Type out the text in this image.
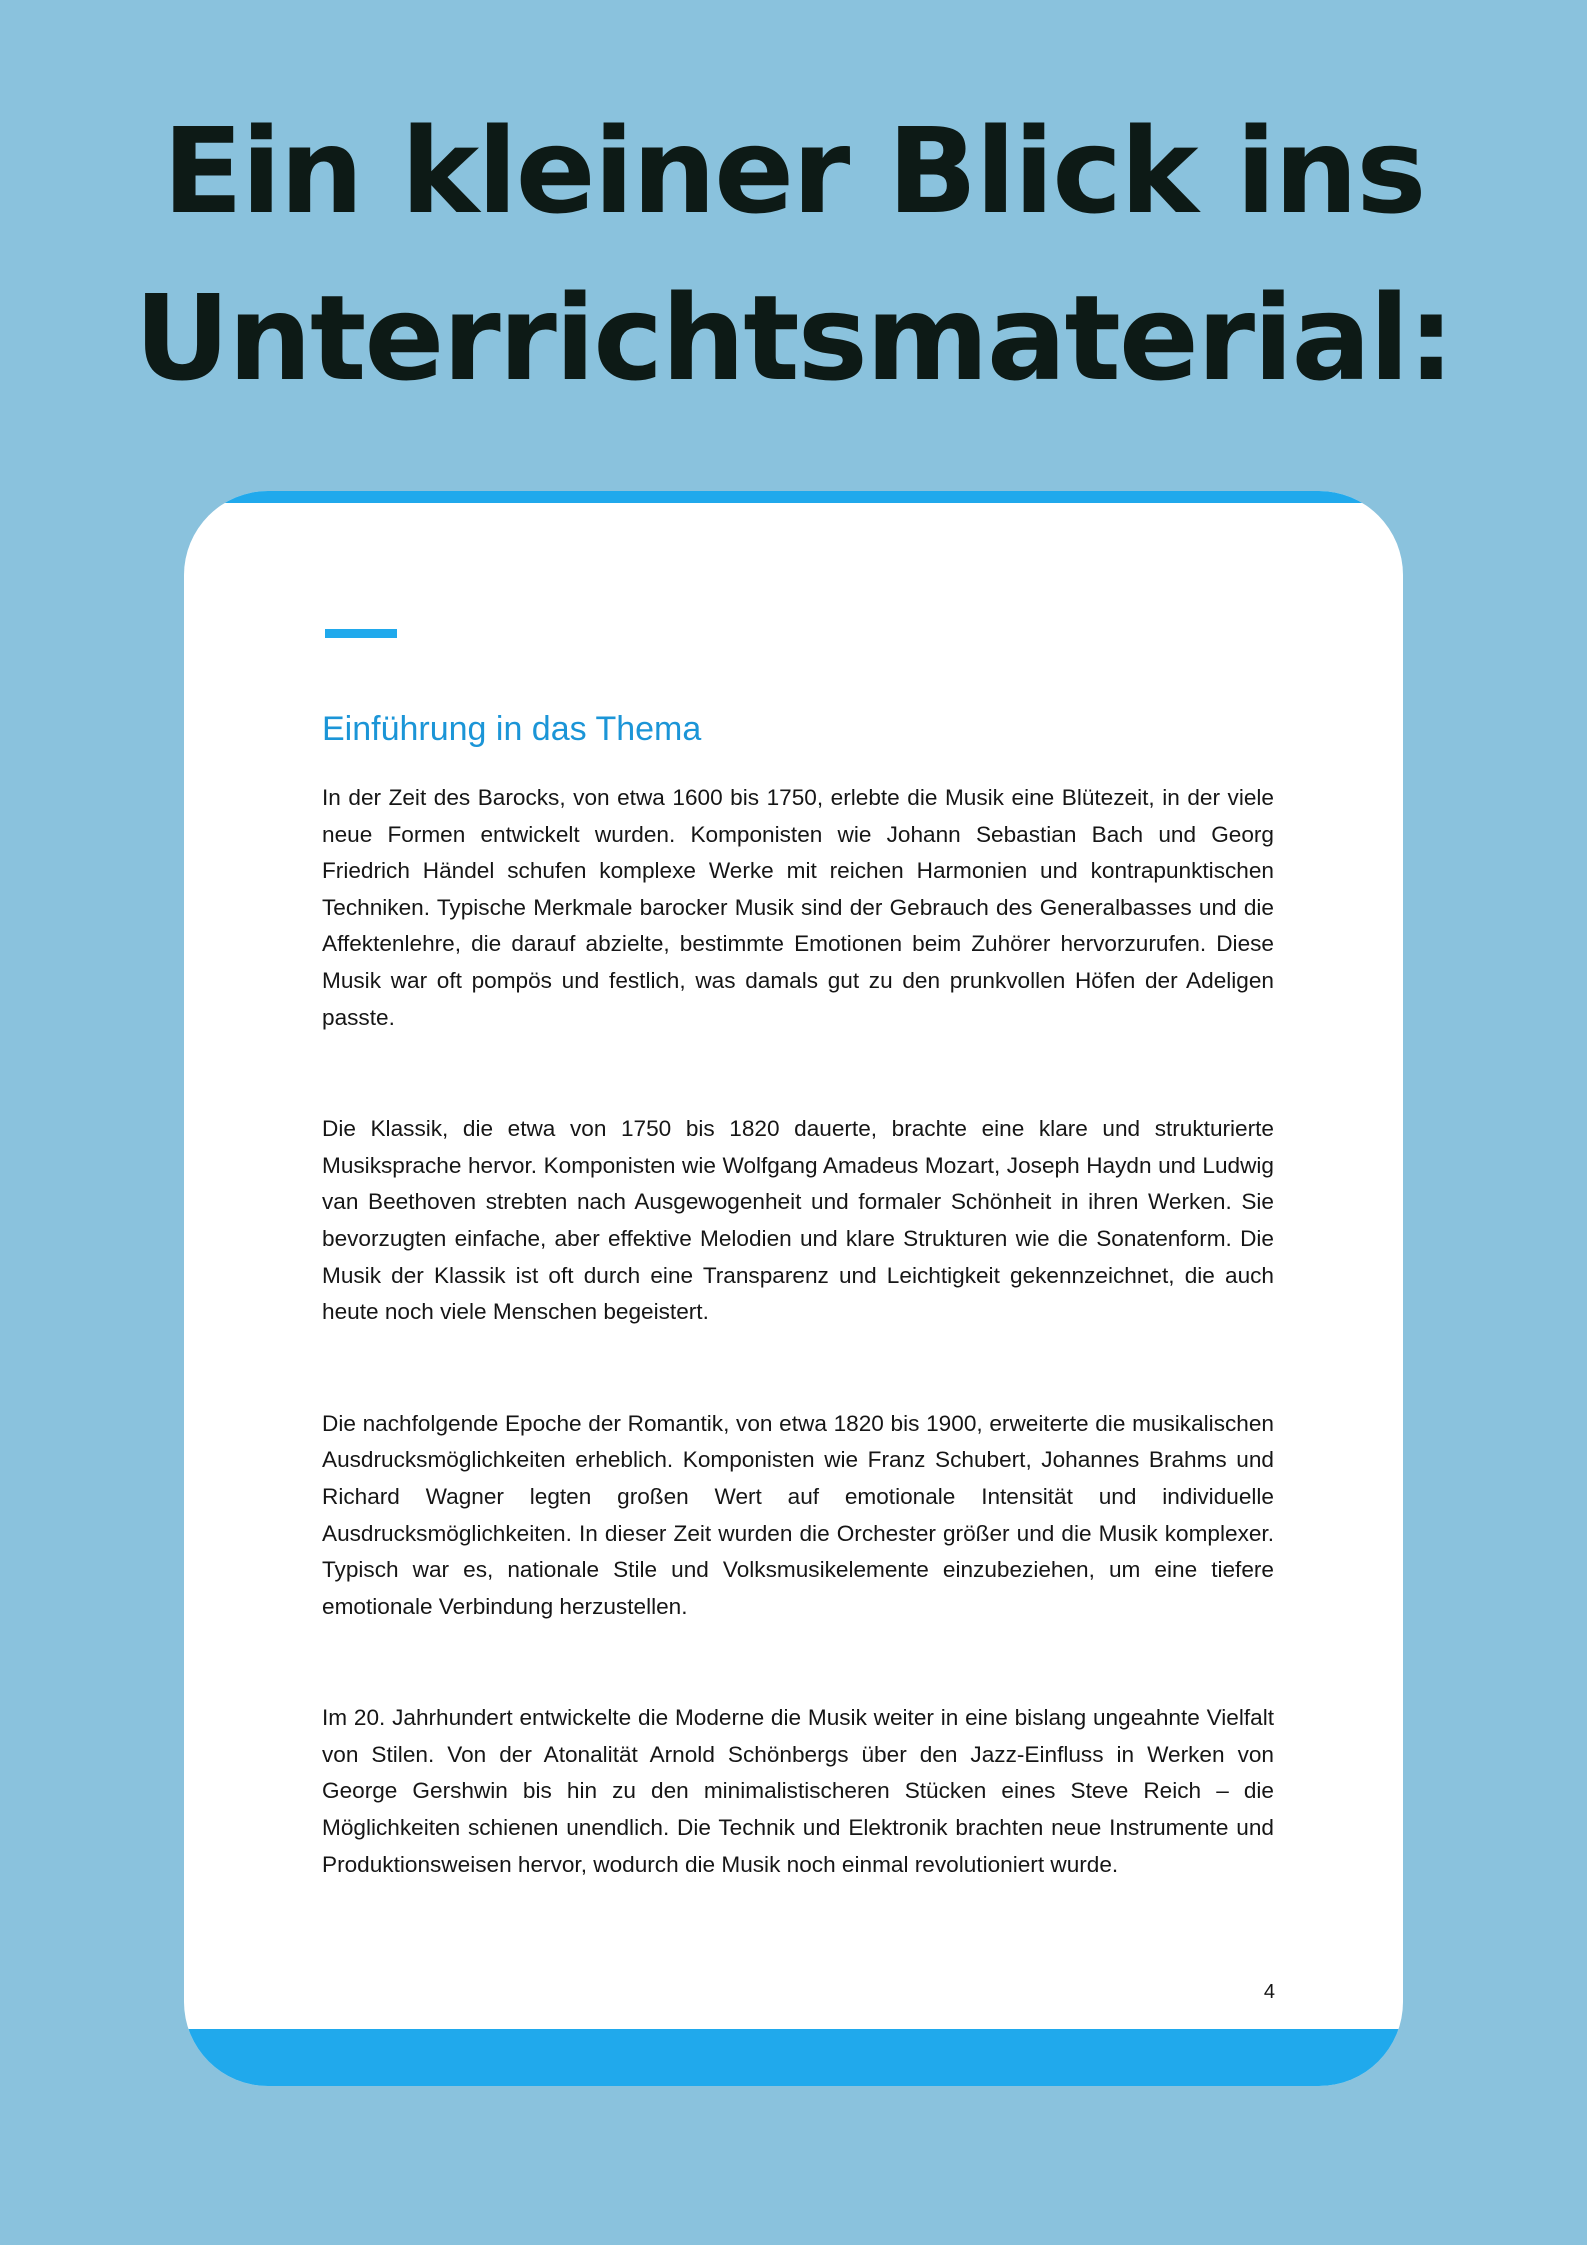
Ein kleiner Blick ins
Unterrichtsmaterial:
Einführung in das Thema

In der Zeit des Barocks, von etwa 1600 bis 1750, erlebte die Musik eine Blütezeit, in der viele neue Formen entwickelt wurden. Komponisten wie Johann Sebastian Bach und Georg Friedrich Händel schufen komplexe Werke mit reichen Harmonien und kontrapunktischen Techniken. Typische Merkmale barocker Musik sind der Gebrauch des Generalbasses und die Affektenlehre, die darauf abzielte, bestimmte Emotionen beim Zuhörer hervorzurufen. Diese Musik war oft pompös und festlich, was damals gut zu den prunkvollen Höfen der Adeligen passte.

Die Klassik, die etwa von 1750 bis 1820 dauerte, brachte eine klare und strukturierte Musiksprache hervor. Komponisten wie Wolfgang Amadeus Mozart, Joseph Haydn und Ludwig van Beethoven strebten nach Ausgewogenheit und formaler Schönheit in ihren Werken. Sie bevorzugten einfache, aber effektive Melodien und klare Strukturen wie die Sonatenform. Die Musik der Klassik ist oft durch eine Transparenz und Leichtigkeit gekennzeichnet, die auch heute noch viele Menschen begeistert.

Die nachfolgende Epoche der Romantik, von etwa 1820 bis 1900, erweiterte die musikalischen Ausdrucksmöglichkeiten erheblich. Komponisten wie Franz Schubert, Johannes Brahms und Richard Wagner legten großen Wert auf emotionale Intensität und individuelle Ausdrucksmöglichkeiten. In dieser Zeit wurden die Orchester größer und die Musik komplexer. Typisch war es, nationale Stile und Volksmusikelemente einzubeziehen, um eine tiefere emotionale Verbindung herzustellen.

Im 20. Jahrhundert entwickelte die Moderne die Musik weiter in eine bislang ungeahnte Vielfalt von Stilen. Von der Atonalität Arnold Schönbergs über den Jazz-Einfluss in Werken von George Gershwin bis hin zu den minimalistischeren Stücken eines Steve Reich – die Möglichkeiten schienen unendlich. Die Technik und Elektronik brachten neue Instrumente und Produktionsweisen hervor, wodurch die Musik noch einmal revolutioniert wurde.

4
